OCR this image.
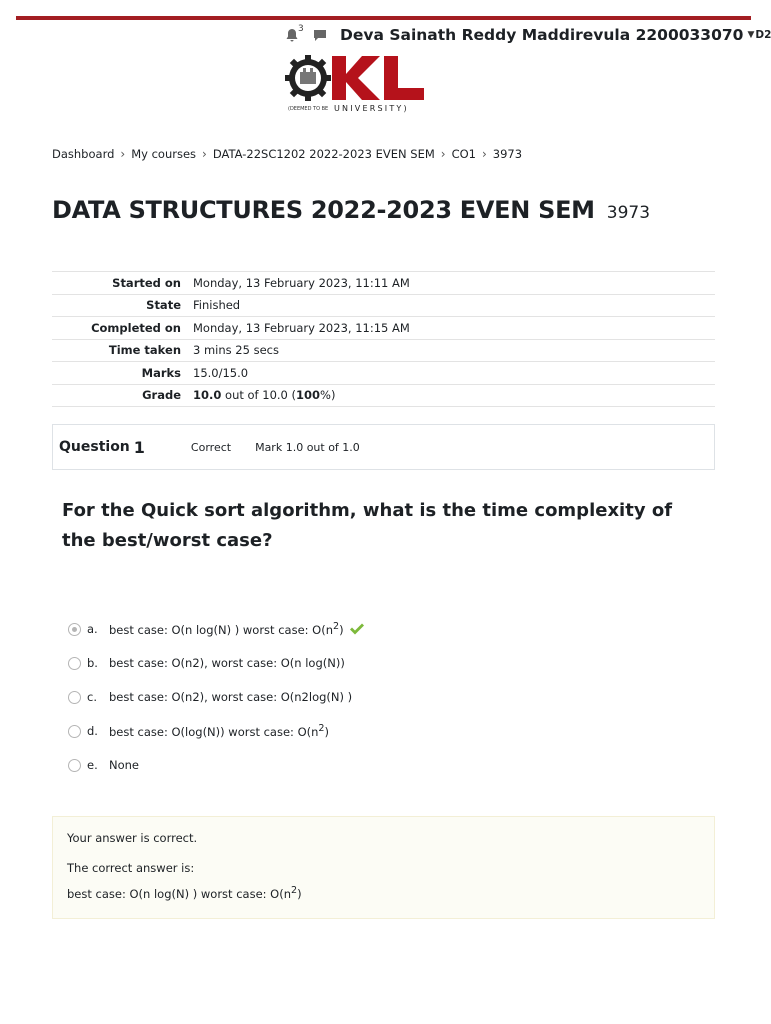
3 Deva Sainath Reddy Maddirevula 2200033070 ▼ D2
KL
(DEEMED TO BE UNIVERSITY)
Dashboard › My courses › DATA-22SC1202 2022-2023 EVEN SEM › CO1 › 3973
DATA STRUCTURES 2022-2023 EVEN SEM 3973
Started on	Monday, 13 February 2023, 11:11 AM
State	Finished
Completed on	Monday, 13 February 2023, 11:15 AM
Time taken	3 mins 25 secs
Marks	15.0/15.0
Grade	10.0 out of 10.0 (100%)
Question 1	Correct Mark 1.0 out of 1.0
For the Quick sort algorithm, what is the time complexity of the best/worst case?
a. best case: O(n log(N) ) worst case: $O(n^2)$
b. best case: O(n2), worst case: O(n log(N))
c.	best case: O(n2), worst case: O(n2log(N) )
d. best case: O(log(N)) worst case: $O(n^2)$
e. None
Your answer is correct.
The correct answer is:
best case: O(n log(N) ) worst case: $O(n^2)$
